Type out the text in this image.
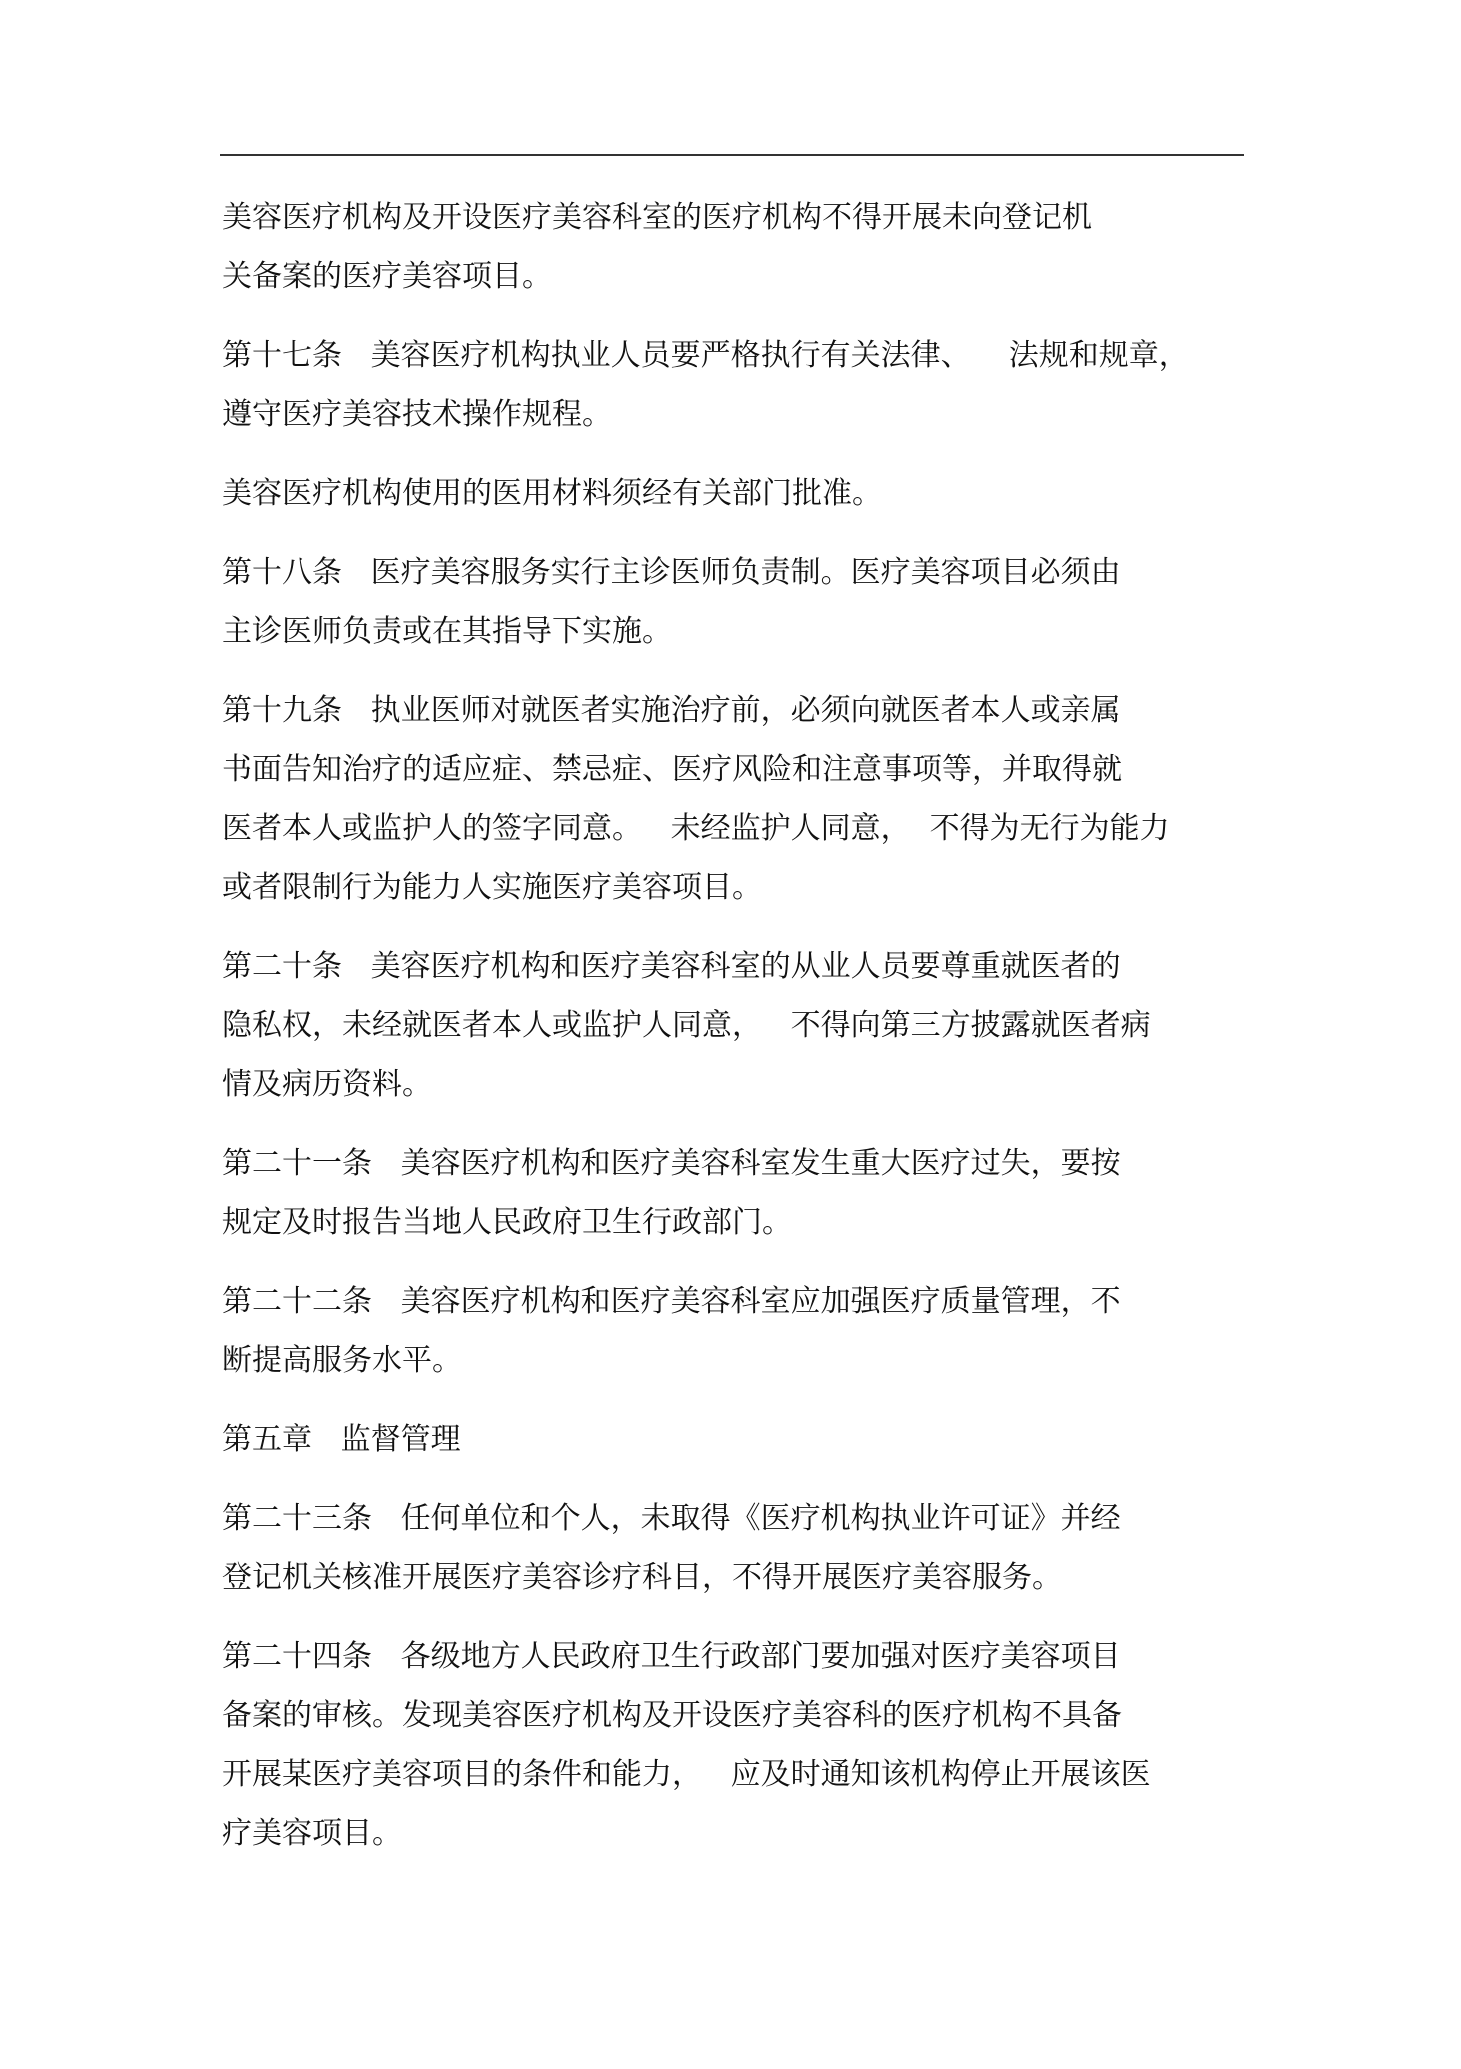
美容医疗机构及开设医疗美容科室的医疗机构不得开展未向登记机
关备案的医疗美容项目。
第十七条   美容医疗机构执业人员要严格执行有关法律、    法规和规章，
遵守医疗美容技术操作规程。
美容医疗机构使用的医用材料须经有关部门批准。
第十八条   医疗美容服务实行主诊医师负责制。医疗美容项目必须由
主诊医师负责或在其指导下实施。
第十九条   执业医师对就医者实施治疗前，必须向就医者本人或亲属
书面告知治疗的适应症、禁忌症、医疗风险和注意事项等，并取得就
医者本人或监护人的签字同意。   未经监护人同意，  不得为无行为能力
或者限制行为能力人实施医疗美容项目。
第二十条   美容医疗机构和医疗美容科室的从业人员要尊重就医者的
隐私权，未经就医者本人或监护人同意，   不得向第三方披露就医者病
情及病历资料。
第二十一条   美容医疗机构和医疗美容科室发生重大医疗过失，要按
规定及时报告当地人民政府卫生行政部门。
第二十二条   美容医疗机构和医疗美容科室应加强医疗质量管理，不
断提高服务水平。
第五章   监督管理
第二十三条   任何单位和个人，未取得《医疗机构执业许可证》并经
登记机关核准开展医疗美容诊疗科目，不得开展医疗美容服务。
第二十四条   各级地方人民政府卫生行政部门要加强对医疗美容项目
备案的审核。发现美容医疗机构及开设医疗美容科的医疗机构不具备
开展某医疗美容项目的条件和能力，   应及时通知该机构停止开展该医
疗美容项目。
